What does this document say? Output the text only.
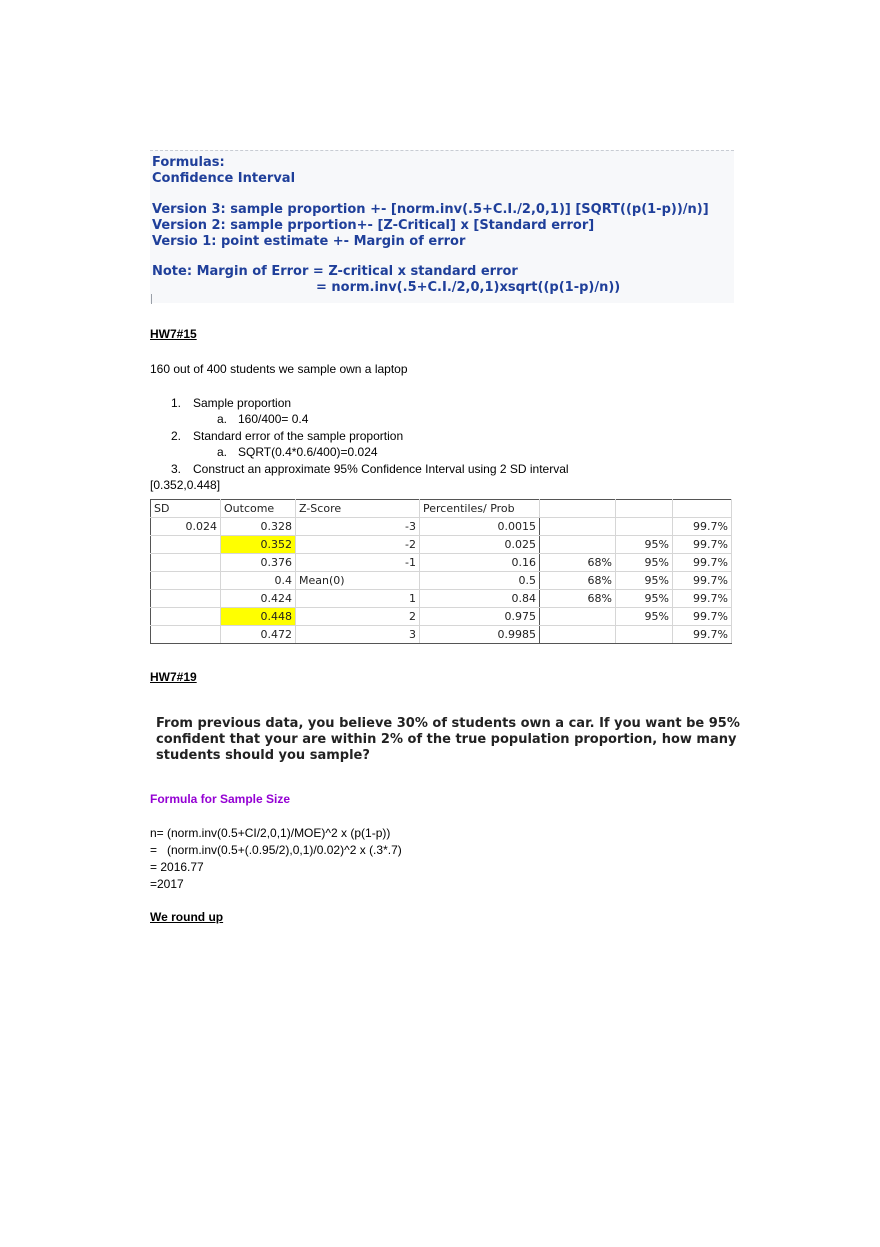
Formulas:
Confidence Interval
Version 3: sample proportion +- [norm.inv(.5+C.I./2,0,1)] [SQRT((p(1-p))/n)]
Version 2: sample prportion+- [Z-Critical] x [Standard error]
Versio 1: point estimate +- Margin of error
Note: Margin of Error = Z-critical x standard error
= norm.inv(.5+C.I./2,0,1)xsqrt((p(1-p)/n))
HW7#15
160 out of 400 students we sample own a laptop
1. Sample proportion
a. 160/400= 0.4
2. Standard error of the sample proportion
a. SQRT(0.4*0.6/400)=0.024
3. Construct an approximate 95% Confidence Interval using 2 SD interval
[0.352,0.448]
SD	Outcome	Z-Score	Percentiles/ Prob			
0.024	0.328	-3	0.0015			99.7%
	0.352	-2	0.025		95%	99.7%
	0.376	-1	0.16	68%	95%	99.7%
	0.4	Mean(0)	0.5	68%	95%	99.7%
	0.424	1	0.84	68%	95%	99.7%
	0.448	2	0.975		95%	99.7%
	0.472	3	0.9985			99.7%
HW7#19
From previous data, you believe 30% of students own a car. If you want be 95%
confident that your are within 2% of the true population proportion, how many
students should you sample?
Formula for Sample Size
n= (norm.inv(0.5+CI/2,0,1)/MOE)^2 x (p(1-p))
=   (norm.inv(0.5+(.0.95/2),0,1)/0.02)^2 x (.3*.7)
= 2016.77
=2017
We round up
